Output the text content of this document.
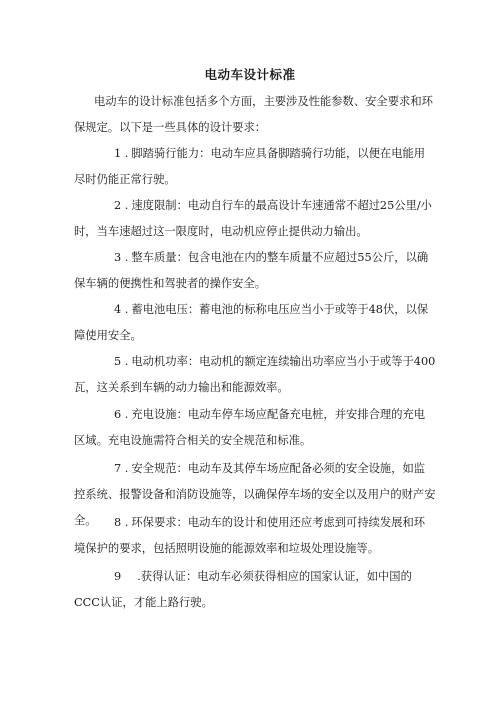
电动车设计标准

电动车的设计标准包括多个方面，主要涉及性能参数、安全要求和环保规定。以下是一些具体的设计要求：

1 . 脚踏骑行能力：电动车应具备脚踏骑行功能，以便在电能用尽时仍能正常行驶。

2 . 速度限制：电动自行车的最高设计车速通常不超过25公里/小时，当车速超过这一限度时，电动机应停止提供动力输出。

3 . 整车质量：包含电池在内的整车质量不应超过55公斤，以确保车辆的便携性和驾驶者的操作安全。

4 . 蓄电池电压：蓄电池的标称电压应当小于或等于48伏，以保障使用安全。

5 . 电动机功率：电动机的额定连续输出功率应当小于或等于400瓦，这关系到车辆的动力输出和能源效率。

6 . 充电设施：电动车停车场应配备充电桩，并安排合理的充电区域。充电设施需符合相关的安全规范和标准。

7 . 安全规范：电动车及其停车场应配备必须的安全设施，如监控系统、报警设备和消防设施等，以确保停车场的安全以及用户的财产安全。	8 . 环保要求：电动车的设计和使用还应考虑到可持续发展和环境保护的要求，包括照明设施的能源效率和垃圾处理设施等。

9 .获得认证：电动车必须获得相应的国家认证，如中国的CCC认证，才能上路行驶。
